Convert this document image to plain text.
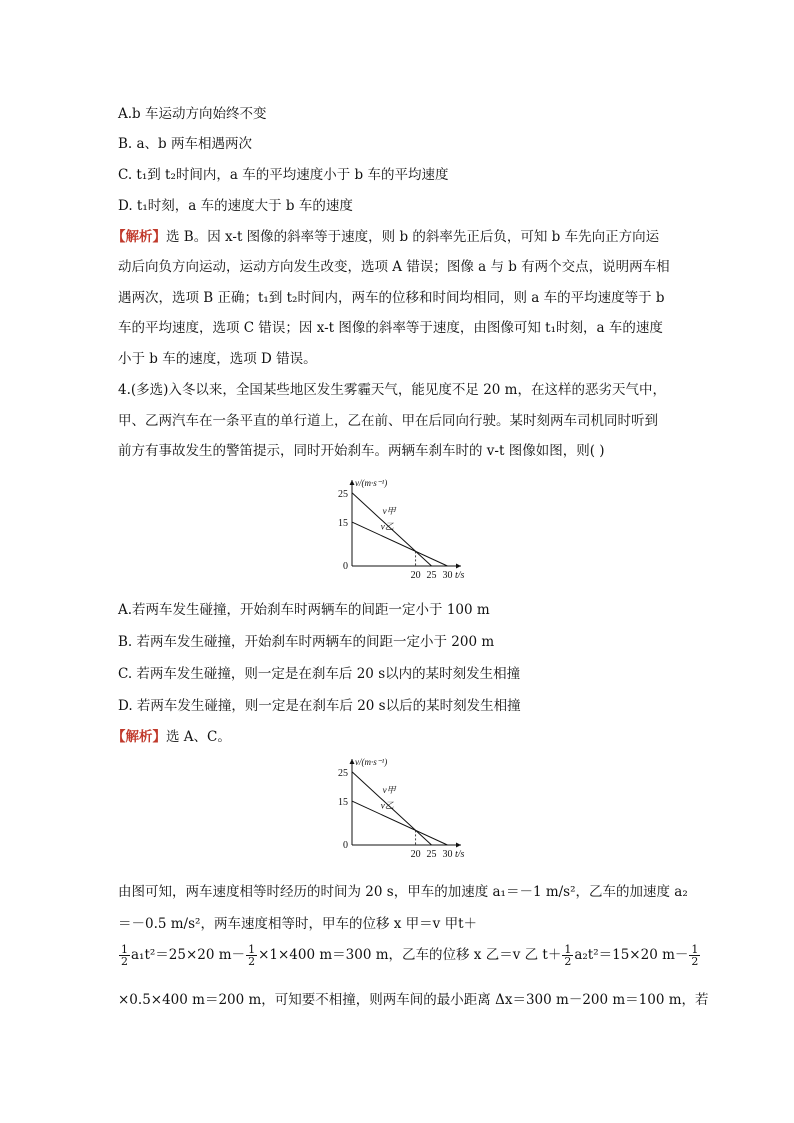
A.b 车运动方向始终不变
B. a、b 两车相遇两次
C. t₁到 t₂时间内，a 车的平均速度小于 b 车的平均速度
D. t₁时刻，a 车的速度大于 b 车的速度
【解析】选 B。因 x-t 图像的斜率等于速度，则 b 的斜率先正后负，可知 b 车先向正方向运
动后向负方向运动，运动方向发生改变，选项 A 错误；图像 a 与 b 有两个交点，说明两车相
遇两次，选项 B 正确；t₁到 t₂时间内，两车的位移和时间均相同，则 a 车的平均速度等于 b
车的平均速度，选项 C 错误；因 x-t 图像的斜率等于速度，由图像可知 t₁时刻，a 车的速度
小于 b 车的速度，选项 D 错误。
4.(多选)入冬以来，全国某些地区发生雾霾天气，能见度不足 20 m，在这样的恶劣天气中，
甲、乙两汽车在一条平直的单行道上，乙在前、甲在后同向行驶。某时刻两车司机同时听到
前方有事故发生的警笛提示，同时开始刹车。两辆车刹车时的 v-t 图像如图，则( )
v/(m·s⁻¹)
t/s
0
25
15
20 25 30
v甲
v乙
A.若两车发生碰撞，开始刹车时两辆车的间距一定小于 100 m
B. 若两车发生碰撞，开始刹车时两辆车的间距一定小于 200 m
C. 若两车发生碰撞，则一定是在刹车后 20 s以内的某时刻发生相撞
D. 若两车发生碰撞，则一定是在刹车后 20 s以后的某时刻发生相撞
【解析】选 A、C。
v/(m·s⁻¹)
t/s
0
25
15
20 25 30
v甲
v乙
由图可知，两车速度相等时经历的时间为 20 s，甲车的加速度 a₁＝－1 m/s²，乙车的加速度 a₂
＝－0.5 m/s²，两车速度相等时，甲车的位移 x 甲＝v 甲t＋
$\frac{1}{2} a_1t^2=25\times 20$ $m- \frac{1}{2} \times 1\times 400$ m＝300 m，乙车的位移 x 乙＝v 乙 $t+ \frac{1}{2} a_2t^2=15\times 20$ $m- \frac{1}{2}$
×0.5×400 m＝200 m，可知要不相撞，则两车间的最小距离 Δx＝300 m－200 m＝100 m，若
